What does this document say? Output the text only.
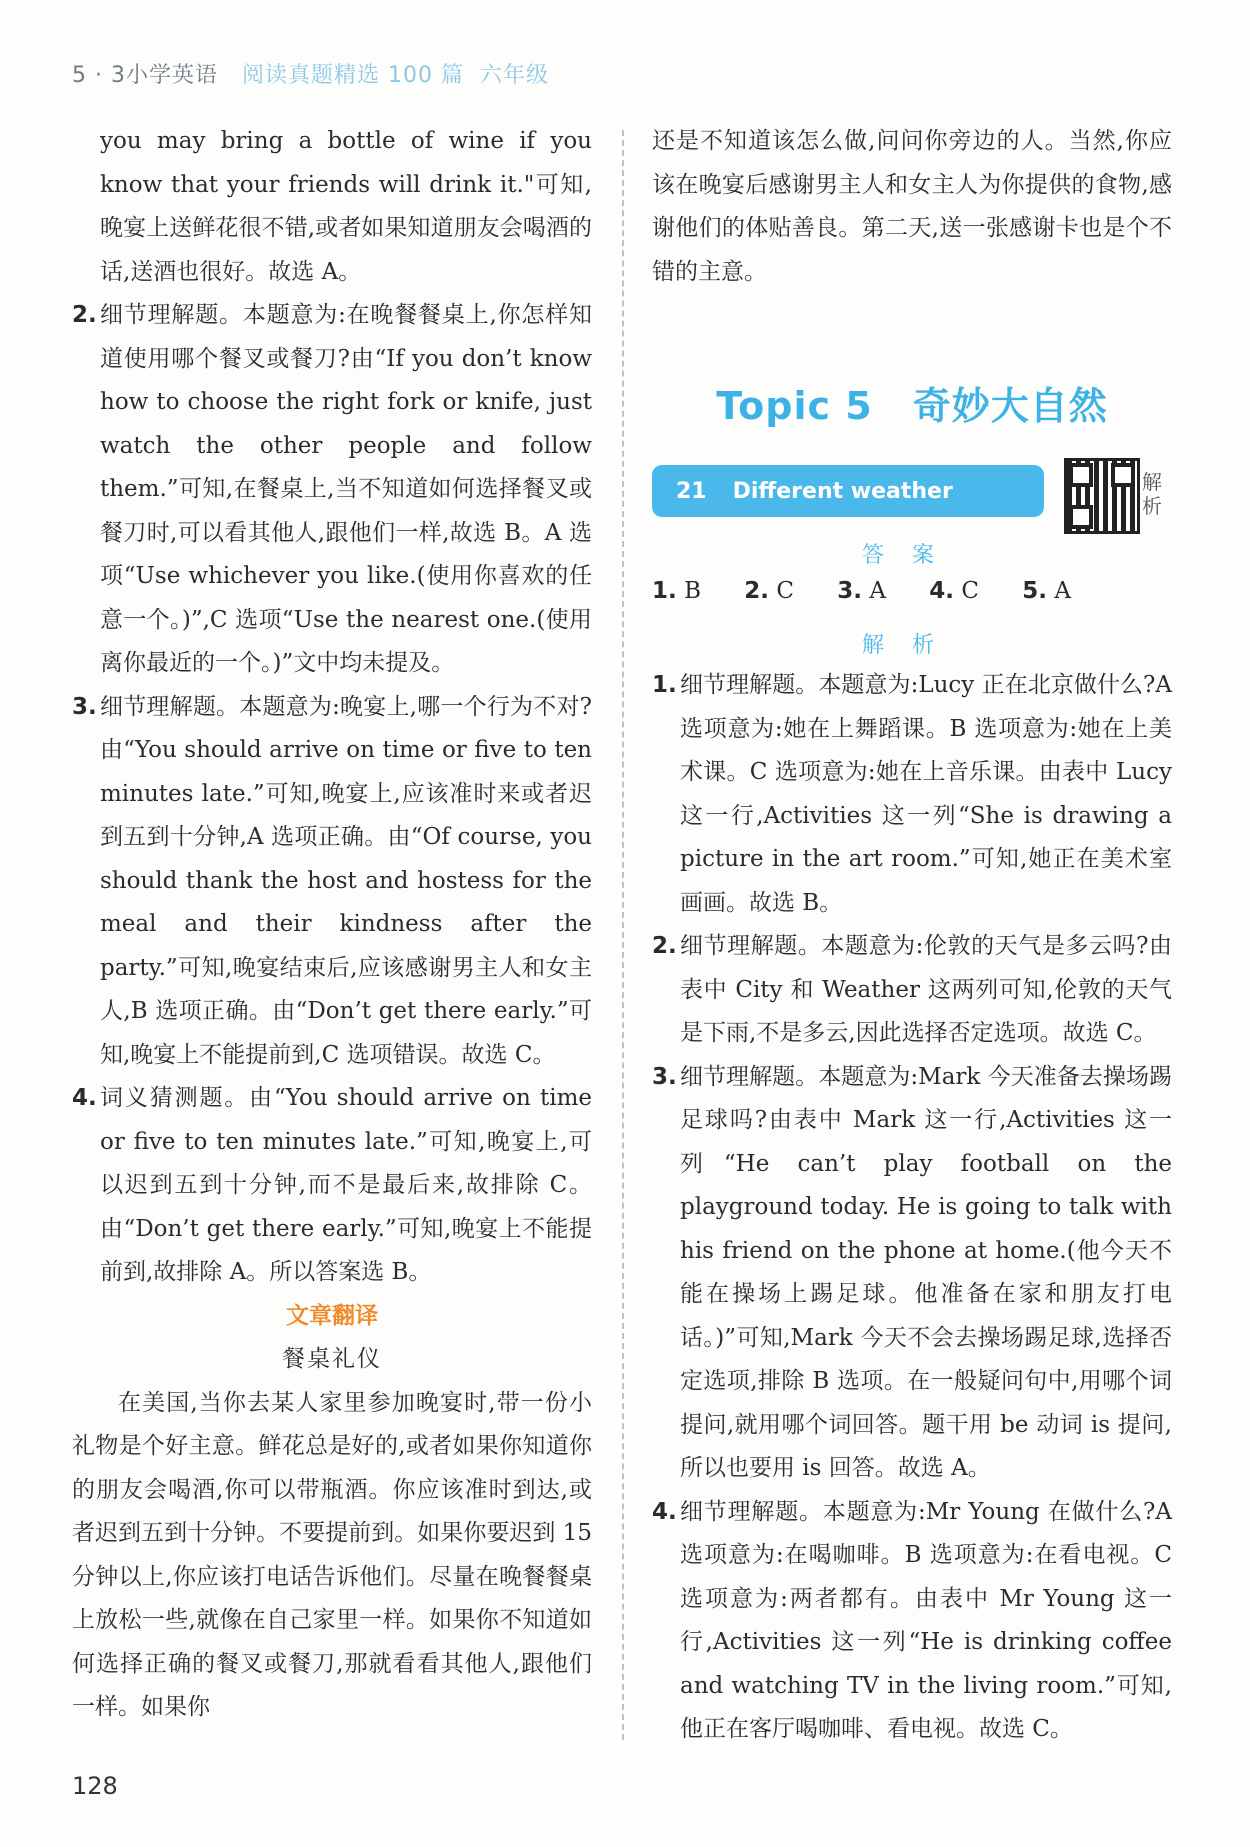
5 · 3小学英语 阅读真题精选 100 篇 六年级

you may bring a bottle of wine if you know that your friends will drink it."可知,晚宴上送鲜花很不错,或者如果知道朋友会喝酒的话,送酒也很好。故选 A。

2. 细节理解题。本题意为:在晚餐餐桌上,你怎样知道使用哪个餐叉或餐刀?由“If you don’t know how to choose the right fork or knife, just watch the other people and follow them.”可知,在餐桌上,当不知道如何选择餐叉或餐刀时,可以看其他人,跟他们一样,故选 B。A 选项“Use whichever you like.(使用你喜欢的任意一个。)”,C 选项“Use the nearest one.(使用离你最近的一个。)”文中均未提及。
3. 细节理解题。本题意为:晚宴上,哪一个行为不对?由“You should arrive on time or five to ten minutes late.”可知,晚宴上,应该准时来或者迟到五到十分钟,A 选项正确。由“Of course, you should thank the host and hostess for the meal and their kindness after the party.”可知,晚宴结束后,应该感谢男主人和女主人,B 选项正确。由“Don’t get there early.”可知,晚宴上不能提前到,C 选项错误。故选 C。
4. 词义猜测题。由“You should arrive on time or five to ten minutes late.”可知,晚宴上,可以迟到五到十分钟,而不是最后来,故排除 C。由“Don’t get there early.”可知,晚宴上不能提前到,故排除 A。所以答案选 B。

文章翻译

餐桌礼仪

在美国,当你去某人家里参加晚宴时,带一份小礼物是个好主意。鲜花总是好的,或者如果你知道你的朋友会喝酒,你可以带瓶酒。你应该准时到达,或者迟到五到十分钟。不要提前到。如果你要迟到 15 分钟以上,你应该打电话告诉他们。尽量在晚餐餐桌上放松一些,就像在自己家里一样。如果你不知道如何选择正确的餐叉或餐刀,那就看看其他人,跟他们一样。如果你

还是不知道该怎么做,问问你旁边的人。当然,你应该在晚宴后感谢男主人和女主人为你提供的食物,感谢他们的体贴善良。第二天,送一张感谢卡也是个不错的主意。

Topic 5 奇妙大自然
21 Different weather	解析
答案
1. B 2. C 3. A 4. C 5. A
解析
1. 细节理解题。本题意为:Lucy 正在北京做什么?A 选项意为:她在上舞蹈课。B 选项意为:她在上美术课。C 选项意为:她在上音乐课。由表中 Lucy 这一行,Activities 这一列“She is drawing a picture in the art room.”可知,她正在美术室画画。故选 B。
2. 细节理解题。本题意为:伦敦的天气是多云吗?由表中 City 和 Weather 这两列可知,伦敦的天气是下雨,不是多云,因此选择否定选项。故选 C。
3. 细节理解题。本题意为:Mark 今天准备去操场踢足球吗?由表中 Mark 这一行,Activities 这一列“He can’t play football on the playground today. He is going to talk with his friend on the phone at home.(他今天不能在操场上踢足球。他准备在家和朋友打电话。)”可知,Mark 今天不会去操场踢足球,选择否定选项,排除 B 选项。在一般疑问句中,用哪个词提问,就用哪个词回答。题干用 be 动词 is 提问,所以也要用 is 回答。故选 A。
4. 细节理解题。本题意为:Mr Young 在做什么?A 选项意为:在喝咖啡。B 选项意为:在看电视。C 选项意为:两者都有。由表中 Mr Young 这一行,Activities 这一列“He is drinking coffee and watching TV in the living room.”可知,他正在客厅喝咖啡、看电视。故选 C。
128
